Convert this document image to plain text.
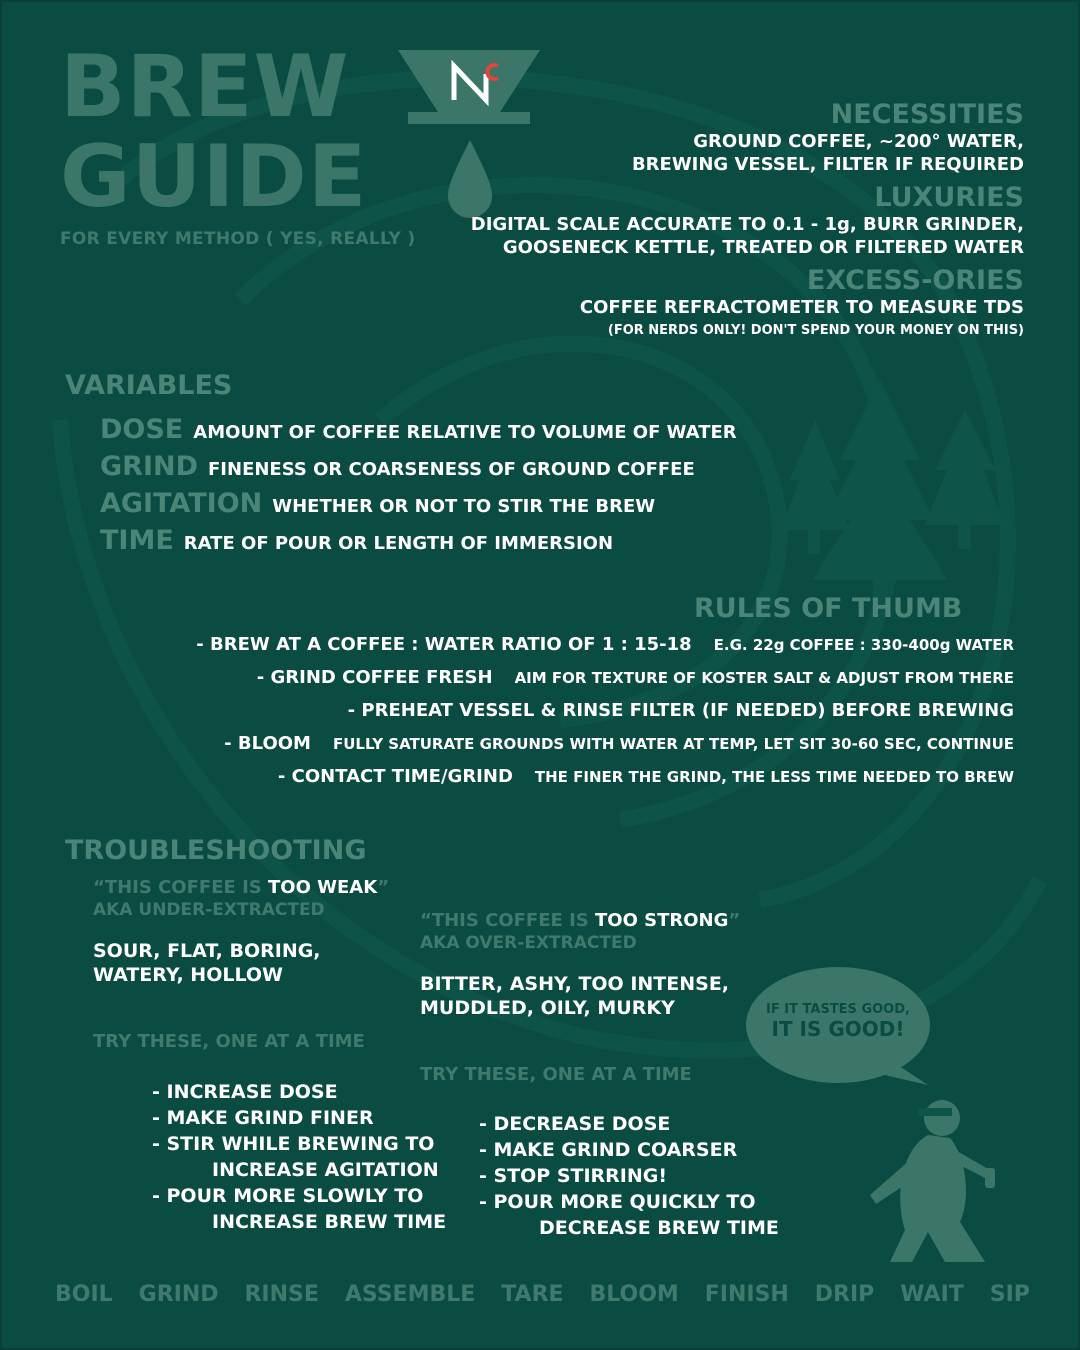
BREW
GUIDE
FOR EVERY METHOD ( YES, REALLY )
NECESSITIES
GROUND COFFEE, ~200° WATER,
BREWING VESSEL, FILTER IF REQUIRED
LUXURIES
DIGITAL SCALE ACCURATE TO 0.1 - 1g, BURR GRINDER,
GOOSENECK KETTLE, TREATED OR FILTERED WATER
EXCESS-ORIES
COFFEE REFRACTOMETER TO MEASURE TDS
(FOR NERDS ONLY! DON'T SPEND YOUR MONEY ON THIS)
VARIABLES
DOSE AMOUNT OF COFFEE RELATIVE TO VOLUME OF WATER
GRIND FINENESS OR COARSENESS OF GROUND COFFEE
AGITATION WHETHER OR NOT TO STIR THE BREW
TIME RATE OF POUR OR LENGTH OF IMMERSION
RULES OF THUMB
- BREW AT A COFFEE : WATER RATIO OF 1 : 15-18 E.G. 22g COFFEE : 330-400g WATER
- GRIND COFFEE FRESH AIM FOR TEXTURE OF KOSTER SALT & ADJUST FROM THERE
- PREHEAT VESSEL & RINSE FILTER (IF NEEDED) BEFORE BREWING
- BLOOM FULLY SATURATE GROUNDS WITH WATER AT TEMP, LET SIT 30-60 SEC, CONTINUE
- CONTACT TIME/GRIND THE FINER THE GRIND, THE LESS TIME NEEDED TO BREW
TROUBLESHOOTING
“THIS COFFEE IS TOO WEAK”
AKA UNDER-EXTRACTED
SOUR, FLAT, BORING,
WATERY, HOLLOW
TRY THESE, ONE AT A TIME
- INCREASE DOSE
- MAKE GRIND FINER
- STIR WHILE BREWING TO
INCREASE AGITATION
- POUR MORE SLOWLY TO
INCREASE BREW TIME
“THIS COFFEE IS TOO STRONG”
AKA OVER-EXTRACTED
BITTER, ASHY, TOO INTENSE,
MUDDLED, OILY, MURKY
TRY THESE, ONE AT A TIME
- DECREASE DOSE
- MAKE GRIND COARSER
- STOP STIRRING!
- POUR MORE QUICKLY TO
DECREASE BREW TIME
IF IT TASTES GOOD,
IT IS GOOD!
BOIL GRIND RINSE ASSEMBLE TARE BLOOM FINISH DRIP WAIT SIP
